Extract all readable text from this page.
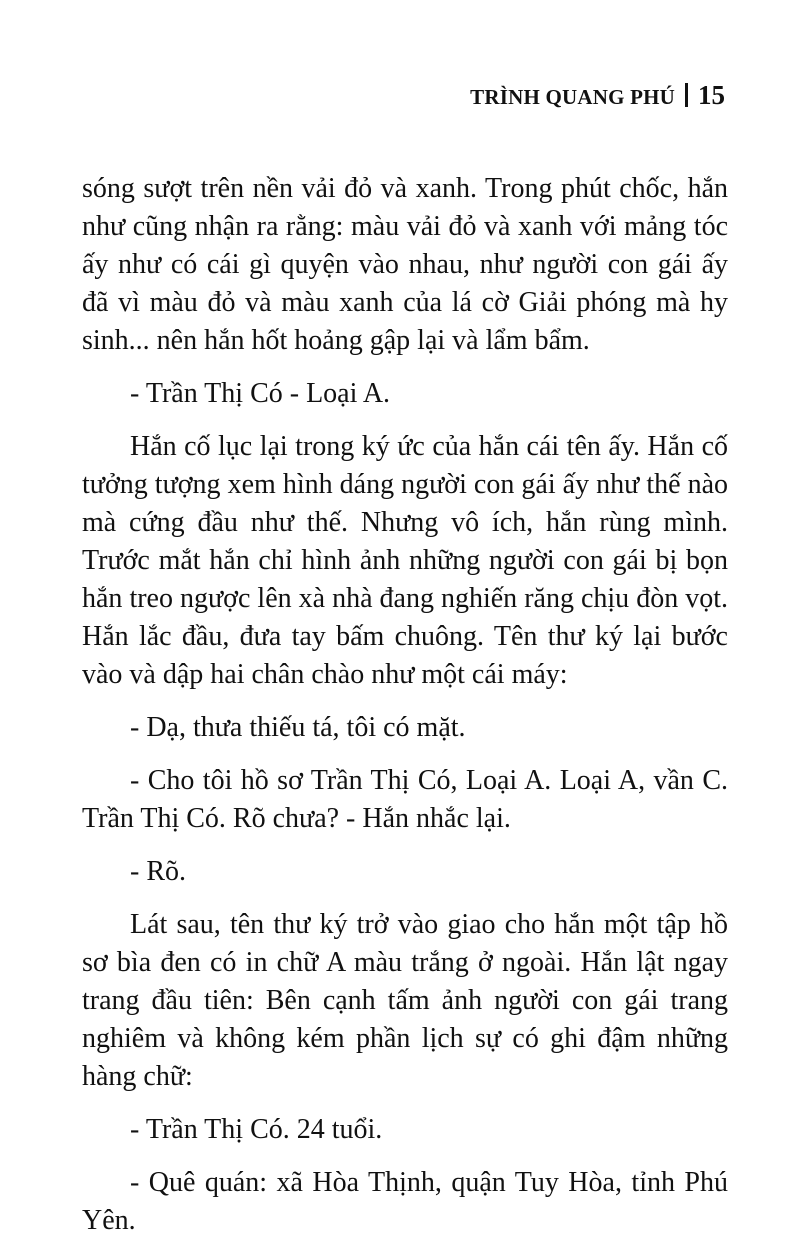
TRÌNH QUANG PHÚ 15

sóng sượt trên nền vải đỏ và xanh. Trong phút chốc, hắn như cũng nhận ra rằng: màu vải đỏ và xanh với mảng tóc ấy như có cái gì quyện vào nhau, như người con gái ấy đã vì màu đỏ và màu xanh của lá cờ Giải phóng mà hy sinh... nên hắn hốt hoảng gập lại và lẩm bẩm.

- Trần Thị Có - Loại A.

Hắn cố lục lại trong ký ức của hắn cái tên ấy. Hắn cố tưởng tượng xem hình dáng người con gái ấy như thế nào mà cứng đầu như thế. Nhưng vô ích, hắn rùng mình. Trước mắt hắn chỉ hình ảnh những người con gái bị bọn hắn treo ngược lên xà nhà đang nghiến răng chịu đòn vọt. Hắn lắc đầu, đưa tay bấm chuông. Tên thư ký lại bước vào và dập hai chân chào như một cái máy:

- Dạ, thưa thiếu tá, tôi có mặt.

- Cho tôi hồ sơ Trần Thị Có, Loại A. Loại A, vần C. Trần Thị Có. Rõ chưa? - Hắn nhắc lại.

- Rõ.

Lát sau, tên thư ký trở vào giao cho hắn một tập hồ sơ bìa đen có in chữ A màu trắng ở ngoài. Hắn lật ngay trang đầu tiên: Bên cạnh tấm ảnh người con gái trang nghiêm và không kém phần lịch sự có ghi đậm những hàng chữ:

- Trần Thị Có. 24 tuổi.

- Quê quán: xã Hòa Thịnh, quận Tuy Hòa, tỉnh Phú Yên.
